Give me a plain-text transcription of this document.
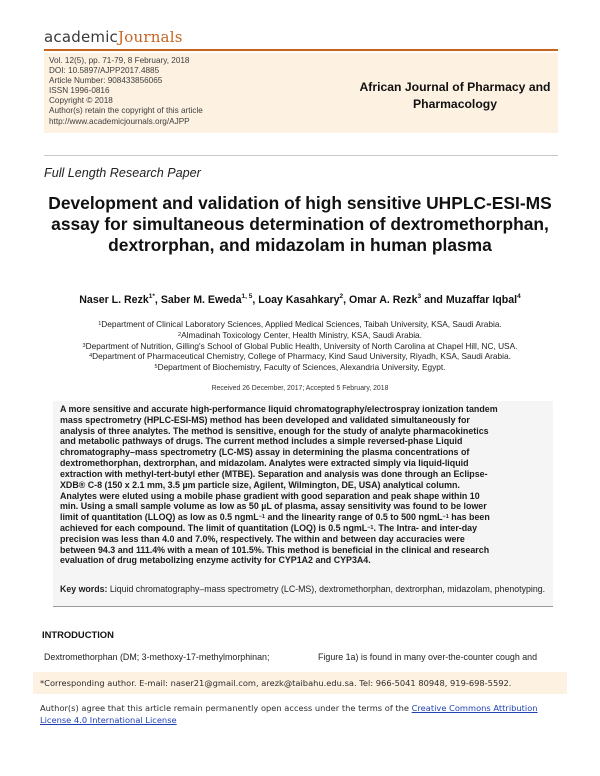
academicJournals
Vol. 12(5), pp. 71-79, 8 February, 2018
DOI: 10.5897/AJPP2017.4885
Article Number: 908433856065
ISSN 1996-0816
Copyright © 2018
Author(s) retain the copyright of this article
http://www.academicjournals.org/AJPP
African Journal of Pharmacy and
Pharmacology
Full Length Research Paper
Development and validation of high sensitive UHPLC-ESI-MS assay for simultaneous determination of dextromethorphan, dextrorphan, and midazolam in human plasma
Naser L. Rezk$^{1*}$, Saber M. Eweda$^{1, 5}$, Loay Kasahkary$^2$, Omar A. Rezk$^3$ and Muzaffar Iqbal$^4$
$^1$Department of Clinical Laboratory Sciences, Applied Medical Sciences, Taibah University, KSA, Saudi Arabia.
$^2$Almadinah Toxicology Center, Health Ministry, KSA, Saudi Arabia.
$^3$Department of Nutrition, Gilling's School of Global Public Health, University of North Carolina at Chapel Hill, NC, USA.
$^4$Department of Pharmaceutical Chemistry, College of Pharmacy, Kind Saud University, Riyadh, KSA, Saudi Arabia.
$^5$Department of Biochemistry, Faculty of Sciences, Alexandria University, Egypt.
Received 26 December, 2017; Accepted 5 February, 2018
A more sensitive and accurate high-performance liquid chromatography/electrospray ionization tandem
mass spectrometry (HPLC-ESI-MS) method has been developed and validated simultaneously for
analysis of three analytes. The method is sensitive, enough for the study of analyte pharmacokinetics
and metabolic pathways of drugs. The current method includes a simple reversed-phase Liquid
chromatography–mass spectrometry (LC-MS) assay in determining the plasma concentrations of
dextromethorphan, dextrorphan, and midazolam. Analytes were extracted simply via liquid-liquid
extraction with methyl-tert-butyl ether (MTBE). Separation and analysis was done through an Eclipse-
XDB® C-8 (150 x 2.1 mm, 3.5 µm particle size, Agilent, Wilmington, DE, USA) analytical column.
Analytes were eluted using a mobile phase gradient with good separation and peak shape within 10
min. Using a small sample volume as low as 50 µL of plasma, assay sensitivity was found to be lower
limit of quantitation (LLOQ) as low as 0.5 ngmL$^{-1}$ and the linearity range of 0.5 to 500 ngmL$^{-1}$ has been
achieved for each compound. The limit of quantitation (LOQ) is 0.5 ngmL$^{-1}$. The Intra- and inter-day
precision was less than 4.0 and 7.0%, respectively. The within and between day accuracies were
between 94.3 and 111.4% with a mean of 101.5%. This method is beneficial in the clinical and research
evaluation of drug metabolizing enzyme activity for CYP1A2 and CYP3A4.
Key words: Liquid chromatography–mass spectrometry (LC-MS), dextromethorphan, dextrorphan, midazolam, phenotyping.
INTRODUCTION
Dextromethorphan (DM; 3-methoxy-17-methylmorphinan;	Figure 1a) is found in many over-the-counter cough and
*Corresponding author. E-mail: naser21@gmail.com, arezk@taibahu.edu.sa. Tel: 966-5041 80948, 919-698-5592.
Author(s) agree that this article remain permanently open access under the terms of the Creative Commons Attribution
License 4.0 International License
